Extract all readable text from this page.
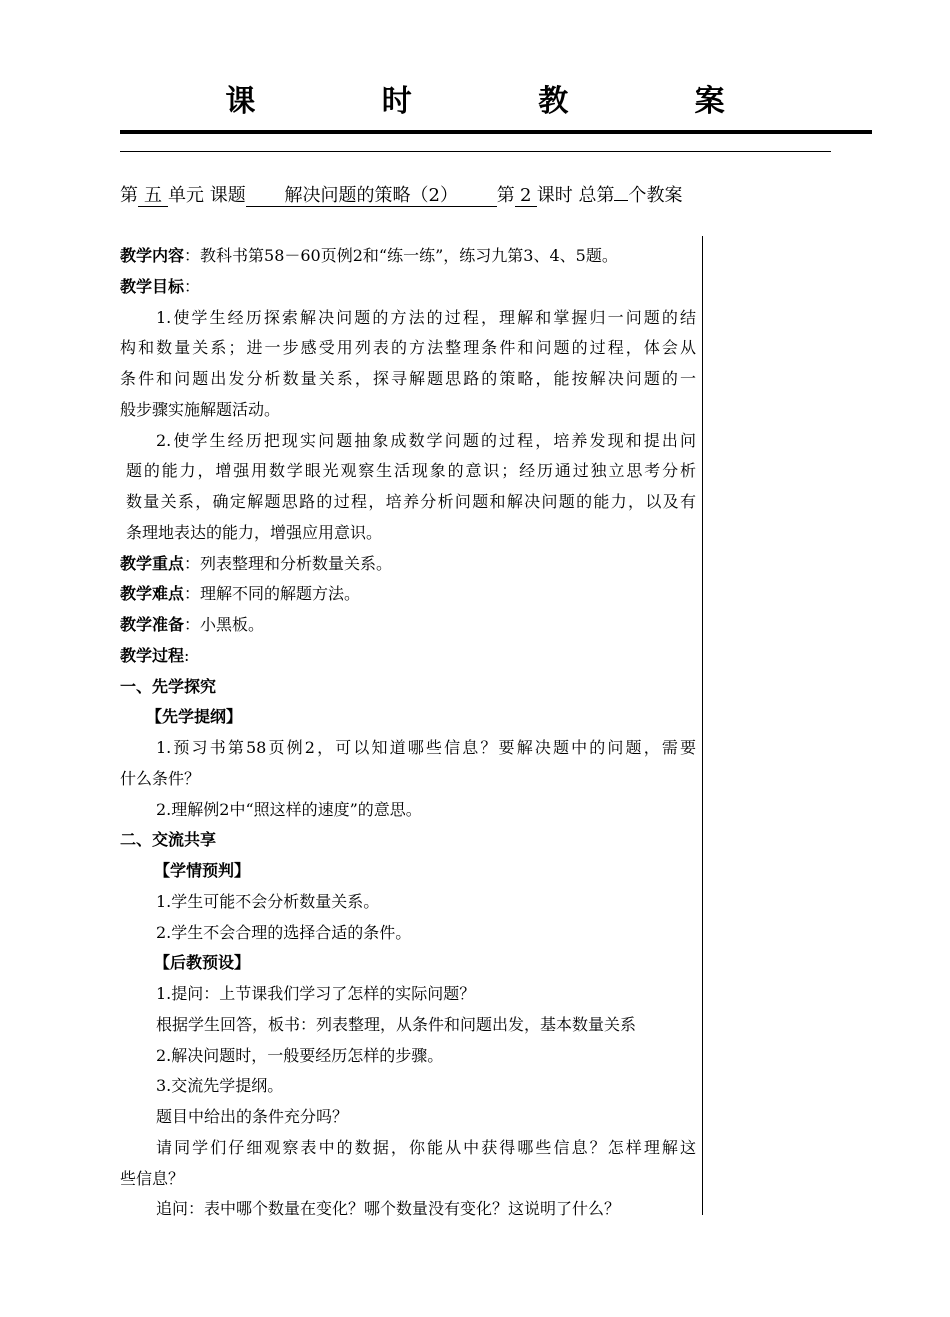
课 时 教 案
第 五 单元 课题 解决问题的策略（2） 第 2 课时 总第 个教案
教学内容：教科书第58－60页例2和“练一练”，练习九第3、4、5题。
教学目标：
1.使学生经历探索解决问题的方法的过程，理解和掌握归一问题的结
构和数量关系；进一步感受用列表的方法整理条件和问题的过程，体会从
条件和问题出发分析数量关系，探寻解题思路的策略，能按解决问题的一
般步骤实施解题活动。
2.使学生经历把现实问题抽象成数学问题的过程，培养发现和提出问
题的能力，增强用数学眼光观察生活现象的意识；经历通过独立思考分析
数量关系，确定解题思路的过程，培养分析问题和解决问题的能力，以及有
条理地表达的能力，增强应用意识。
教学重点：列表整理和分析数量关系。
教学难点：理解不同的解题方法。
教学准备：小黑板。
教学过程:
一、先学探究
【先学提纲】
1.预习书第58页例2，可以知道哪些信息？要解决题中的问题，需要
什么条件？
2.理解例2中“照这样的速度”的意思。
二、交流共享
【学情预判】
1.学生可能不会分析数量关系。
2.学生不会合理的选择合适的条件。
【后教预设】
1.提问：上节课我们学习了怎样的实际问题？
根据学生回答，板书：列表整理，从条件和问题出发，基本数量关系
2.解决问题时，一般要经历怎样的步骤。
3.交流先学提纲。
题目中给出的条件充分吗？
请同学们仔细观察表中的数据，你能从中获得哪些信息？怎样理解这
些信息？
追问：表中哪个数量在变化？哪个数量没有变化？这说明了什么？
